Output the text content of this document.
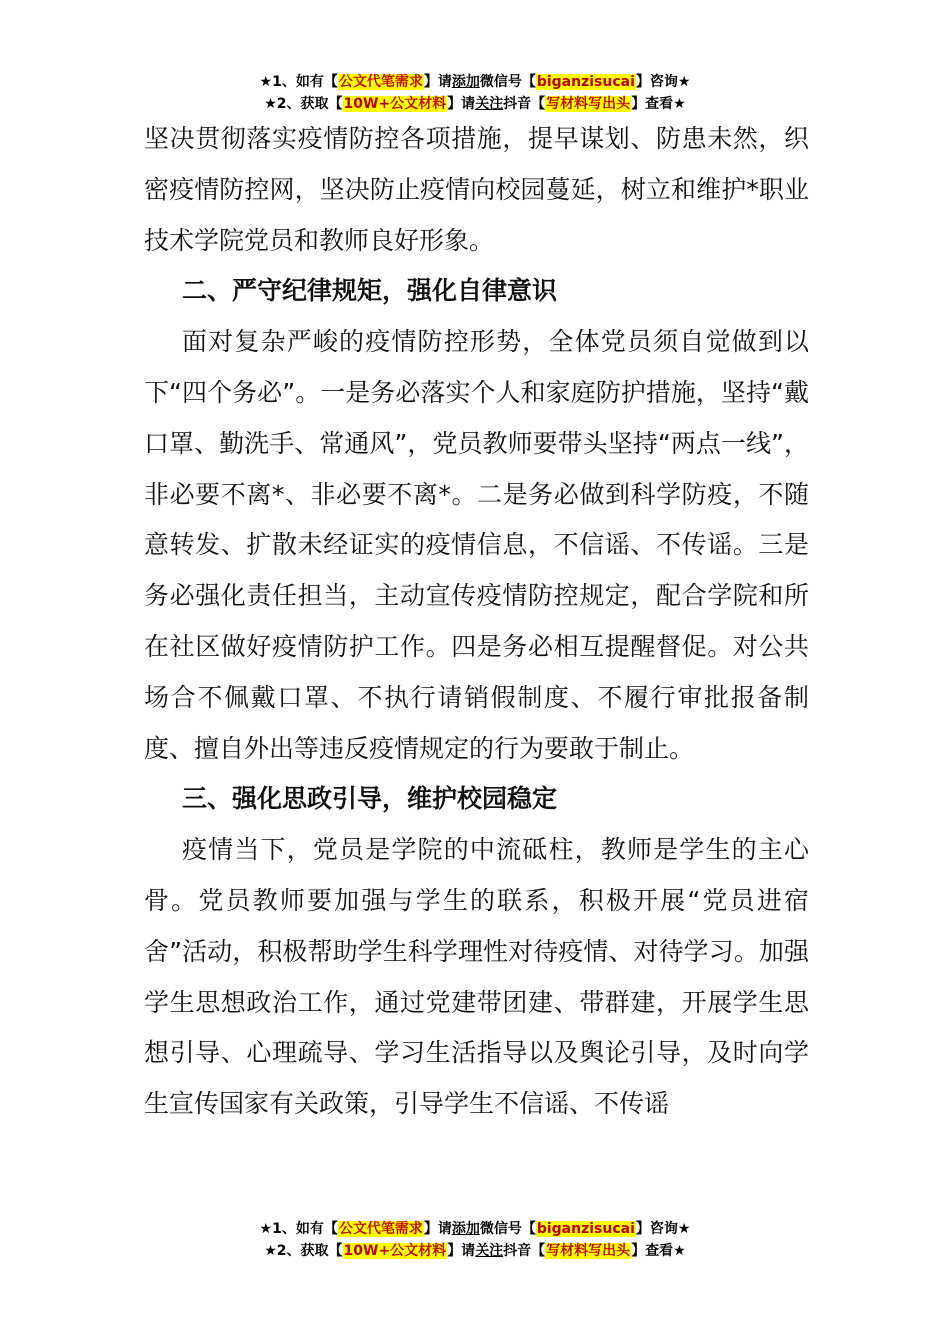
★1、如有【公文代笔需求】请添加微信号【biganzisucai】咨询★
★2、获取【10W+公文材料】请关注抖音【写材料写出头】查看★

坚决贯彻落实疫情防控各项措施，提早谋划、防患未然，织密疫情防控网，坚决防止疫情向校园蔓延，树立和维护*职业技术学院党员和教师良好形象。

二、严守纪律规矩，强化自律意识

面对复杂严峻的疫情防控形势，全体党员须自觉做到以下“四个务必”。一是务必落实个人和家庭防护措施，坚持“戴口罩、勤洗手、常通风”，党员教师要带头坚持“两点一线”，非必要不离*、非必要不离*。二是务必做到科学防疫，不随意转发、扩散未经证实的疫情信息，不信谣、不传谣。三是务必强化责任担当，主动宣传疫情防控规定，配合学院和所在社区做好疫情防护工作。四是务必相互提醒督促。对公共场合不佩戴口罩、不执行请销假制度、不履行审批报备制度、擅自外出等违反疫情规定的行为要敢于制止。

三、强化思政引导，维护校园稳定

疫情当下，党员是学院的中流砥柱，教师是学生的主心骨。党员教师要加强与学生的联系，积极开展“党员进宿舍”活动，积极帮助学生科学理性对待疫情、对待学习。加强学生思想政治工作，通过党建带团建、带群建，开展学生思想引导、心理疏导、学习生活指导以及舆论引导，及时向学生宣传国家有关政策，引导学生不信谣、不传谣

★1、如有【公文代笔需求】请添加微信号【biganzisucai】咨询★
★2、获取【10W+公文材料】请关注抖音【写材料写出头】查看★
